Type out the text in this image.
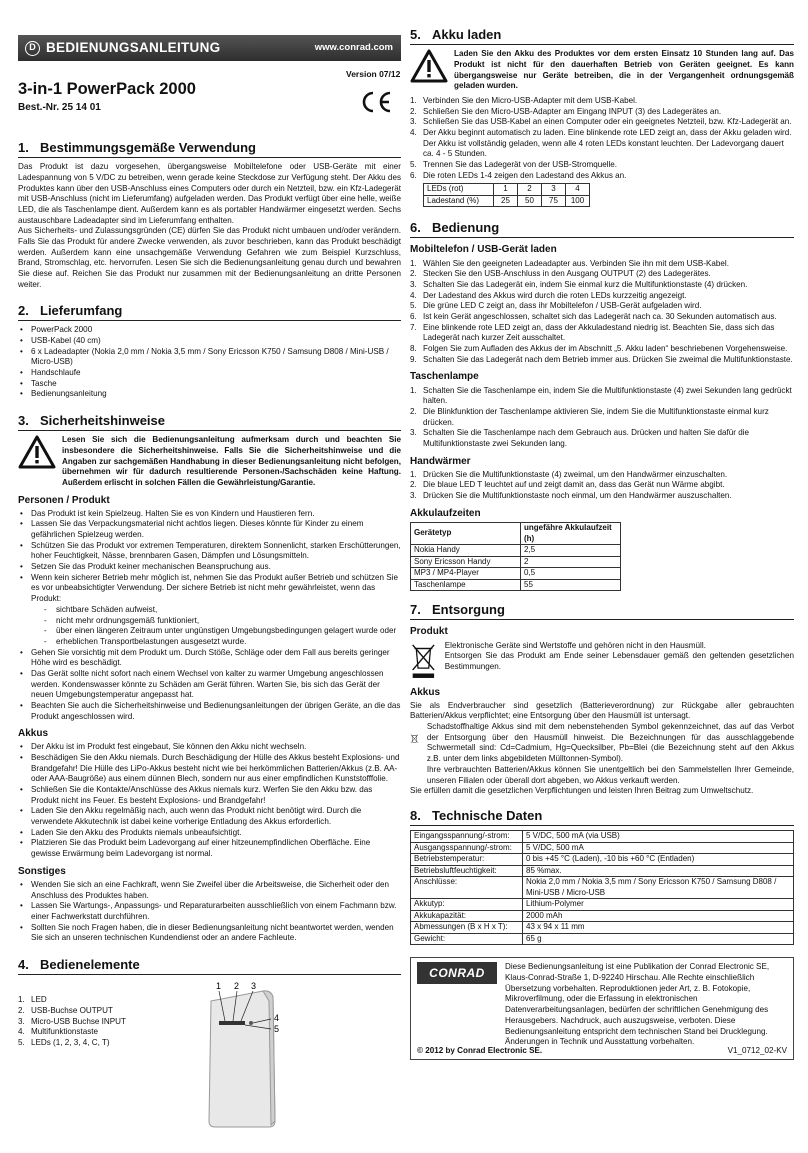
D BEDIENUNGSANLEITUNG	www.conrad.com
Version 07/12
3-in-1 PowerPack 2000
Best.-Nr. 25 14 01
1. Bestimmungsgemäße Verwendung

Das Produkt ist dazu vorgesehen, übergangsweise Mobiltelefone oder USB-Geräte mit einer Ladespannung von 5 V/DC zu betreiben, wenn gerade keine Steckdose zur Verfügung steht. Der Akku des Produktes kann über den USB-Anschluss eines Computers oder durch ein Netzteil, bzw. ein Kfz-Ladegerät mit USB-Anschluss (nicht im Lieferumfang) aufgeladen werden. Das Produkt verfügt über eine helle, weiße LED, die als Taschenlampe dient. Außerdem kann es als portabler Handwärmer eingesetzt werden. Sechs austauschbare Ladeadapter sind im Lieferumfang enthalten.

Aus Sicherheits- und Zulassungsgründen (CE) dürfen Sie das Produkt nicht umbauen und/oder verändern. Falls Sie das Produkt für andere Zwecke verwenden, als zuvor beschrieben, kann das Produkt beschädigt werden. Außerdem kann eine unsachgemäße Verwendung Gefahren wie zum Beispiel Kurzschluss, Brand, Stromschlag, etc. hervorrufen. Lesen Sie sich die Bedienungsanleitung genau durch und bewahren Sie diese auf. Reichen Sie das Produkt nur zusammen mit der Bedienungsanleitung an dritte Personen weiter.

2. Lieferumfang
• PowerPack 2000
• USB-Kabel (40 cm)
• 6 x Ladeadapter (Nokia 2,0 mm / Nokia 3,5 mm / Sony Ericsson K750 / Samsung D808 / Mini-USB / Micro-USB)
• Handschlaufe
• Tasche
• Bedienungsanleitung
3. Sicherheitshinweise

Lesen Sie sich die Bedienungsanleitung aufmerksam durch und beachten Sie insbesondere die Sicherheitshinweise. Falls Sie die Sicherheitshinweise und die Angaben zur sachgemäßen Handhabung in dieser Bedienungsanleitung nicht befolgen, übernehmen wir für dadurch resultierende Personen-/Sachschäden keine Haftung. Außerdem erlischt in solchen Fällen die Gewährleistung/Garantie.

Personen / Produkt
• Das Produkt ist kein Spielzeug. Halten Sie es von Kindern und Haustieren fern.
• Lassen Sie das Verpackungsmaterial nicht achtlos liegen. Dieses könnte für Kinder zu einem gefährlichen Spielzeug werden.
• Schützen Sie das Produkt vor extremen Temperaturen, direktem Sonnenlicht, starken Erschütterungen, hoher Feuchtigkeit, Nässe, brennbaren Gasen, Dämpfen und Lösungsmitteln.
• Setzen Sie das Produkt keiner mechanischen Beanspruchung aus.
• Wenn kein sicherer Betrieb mehr möglich ist, nehmen Sie das Produkt außer Betrieb und schützen Sie es vor unbeabsichtigter Verwendung. Der sichere Betrieb ist nicht mehr gewährleistet, wenn das Produkt:
- sichtbare Schäden aufweist,
- nicht mehr ordnungsgemäß funktioniert,
- über einen längeren Zeitraum unter ungünstigen Umgebungsbedingungen gelagert wurde oder
- erheblichen Transportbelastungen ausgesetzt wurde.
• Gehen Sie vorsichtig mit dem Produkt um. Durch Stöße, Schläge oder dem Fall aus bereits geringer Höhe wird es beschädigt.
• Das Gerät sollte nicht sofort nach einem Wechsel von kalter zu warmer Umgebung angeschlossen werden. Kondenswasser könnte zu Schäden am Gerät führen. Warten Sie, bis sich das Gerät der neuen Umgebungstemperatur angepasst hat.
• Beachten Sie auch die Sicherheitshinweise und Bedienungsanleitungen der übrigen Geräte, an die das Produkt angeschlossen wird.
Akkus
• Der Akku ist im Produkt fest eingebaut, Sie können den Akku nicht wechseln.
• Beschädigen Sie den Akku niemals. Durch Beschädigung der Hülle des Akkus besteht Explosions- und Brandgefahr! Die Hülle des LiPo-Akkus besteht nicht wie bei herkömmlichen Batterien/Akkus (z.B. AA- oder AAA-Baugröße) aus einem dünnen Blech, sondern nur aus einer empfindlichen Kunststofffolie.
• Schließen Sie die Kontakte/Anschlüsse des Akkus niemals kurz. Werfen Sie den Akku bzw. das Produkt nicht ins Feuer. Es besteht Explosions- und Brandgefahr!
• Laden Sie den Akku regelmäßig nach, auch wenn das Produkt nicht benötigt wird. Durch die verwendete Akkutechnik ist dabei keine vorherige Entladung des Akkus erforderlich.
• Laden Sie den Akku des Produkts niemals unbeaufsichtigt.
• Platzieren Sie das Produkt beim Ladevorgang auf einer hitzeunempfindlichen Oberfläche. Eine gewisse Erwärmung beim Ladevorgang ist normal.
Sonstiges
• Wenden Sie sich an eine Fachkraft, wenn Sie Zweifel über die Arbeitsweise, die Sicherheit oder den Anschluss des Produktes haben.
• Lassen Sie Wartungs-, Anpassungs- und Reparaturarbeiten ausschließlich von einem Fachmann bzw. einer Fachwerkstatt durchführen.
• Sollten Sie noch Fragen haben, die in dieser Bedienungsanleitung nicht beantwortet werden, wenden Sie sich an unseren technischen Kundendienst oder an andere Fachleute.
4. Bedienelemente
1. LED
2. USB-Buchse OUTPUT
3. Micro-USB Buchse INPUT
4. Multifunktionstaste
5. LEDs (1, 2, 3, 4, C, T)
1 2 3
4
5
5. Akku laden

Laden Sie den Akku des Produktes vor dem ersten Einsatz 10 Stunden lang auf. Das Produkt ist nicht für den dauerhaften Betrieb von Geräten geeignet. Es kann übergangsweise nur Geräte betreiben, die in der Vergangenheit ordnungsgemäß geladen wurden.

1. Verbinden Sie den Micro-USB-Adapter mit dem USB-Kabel.
2. Schließen Sie den Micro-USB-Adapter am Eingang INPUT (3) des Ladegerätes an.
3. Schließen Sie das USB-Kabel an einen Computer oder ein geeignetes Netzteil, bzw. Kfz-Ladegerät an.
4. Der Akku beginnt automatisch zu laden. Eine blinkende rote LED zeigt an, dass der Akku geladen wird. Der Akku ist vollständig geladen, wenn alle 4 roten LEDs konstant leuchten. Der Ladevorgang dauert ca. 4 - 5 Stunden.
5. Trennen Sie das Ladegerät von der USB-Stromquelle.
6. Die roten LEDs 1-4 zeigen den Ladestand des Akkus an.
LEDs (rot)	1	2	3	4
Ladestand (%)	25	50	75	100
6. Bedienung
Mobiltelefon / USB-Gerät laden
1. Wählen Sie den geeigneten Ladeadapter aus. Verbinden Sie ihn mit dem USB-Kabel.
2. Stecken Sie den USB-Anschluss in den Ausgang OUTPUT (2) des Ladegerätes.
3. Schalten Sie das Ladegerät ein, indem Sie einmal kurz die Multifunktionstaste (4) drücken.
4. Der Ladestand des Akkus wird durch die roten LEDs kurzzeitig angezeigt.
5. Die grüne LED C zeigt an, dass ihr Mobiltelefon / USB-Gerät aufgeladen wird.
6. Ist kein Gerät angeschlossen, schaltet sich das Ladegerät nach ca. 30 Sekunden automatisch aus.
7. Eine blinkende rote LED zeigt an, dass der Akkuladestand niedrig ist. Beachten Sie, dass sich das Ladegerät nach kurzer Zeit ausschaltet.
8. Folgen Sie zum Aufladen des Akkus der im Abschnitt „5. Akku laden“ beschriebenen Vorgehensweise.
9. Schalten Sie das Ladegerät nach dem Betrieb immer aus. Drücken Sie zweimal die Multifunktionstaste.
Taschenlampe
1. Schalten Sie die Taschenlampe ein, indem Sie die Multifunktionstaste (4) zwei Sekunden lang gedrückt halten.
2. Die Blinkfunktion der Taschenlampe aktivieren Sie, indem Sie die Multifunktionstaste einmal kurz drücken.
3. Schalten Sie die Taschenlampe nach dem Gebrauch aus. Drücken und halten Sie dafür die Multifunktionstaste zwei Sekunden lang.
Handwärmer
1. Drücken Sie die Multifunktionstaste (4) zweimal, um den Handwärmer einzuschalten.
2. Die blaue LED T leuchtet auf und zeigt damit an, dass das Gerät nun Wärme abgibt.
3. Drücken Sie die Multifunktionstaste noch einmal, um den Handwärmer auszuschalten.
Akkulaufzeiten
Gerätetyp	ungefähre Akkulaufzeit (h)
Nokia Handy	2,5
Sony Ericsson Handy	2
MP3 / MP4-Player	0,5
Taschenlampe	55
7. Entsorgung
Produkt

Elektronische Geräte sind Wertstoffe und gehören nicht in den Hausmüll.

Entsorgen Sie das Produkt am Ende seiner Lebensdauer gemäß den geltenden gesetzlichen Bestimmungen.

Akkus

Sie als Endverbraucher sind gesetzlich (Batterieverordnung) zur Rückgabe aller gebrauchten Batterien/Akkus verpflichtet; eine Entsorgung über den Hausmüll ist untersagt.

Schadstoffhaltige Akkus sind mit dem nebenstehenden Symbol gekennzeichnet, das auf das Verbot der Entsorgung über den Hausmüll hinweist. Die Bezeichnungen für das ausschlaggebende Schwermetall sind: Cd=Cadmium, Hg=Quecksilber, Pb=Blei (die Bezeichnung steht auf den Akkus z.B. unter dem links abgebildeten Mülltonnen-Symbol).

Ihre verbrauchten Batterien/Akkus können Sie unentgeltlich bei den Sammelstellen Ihrer Gemeinde, unseren Filialen oder überall dort abgeben, wo Akkus verkauft werden.

Sie erfüllen damit die gesetzlichen Verpflichtungen und leisten Ihren Beitrag zum Umweltschutz.

8. Technische Daten
Eingangsspannung/-strom:	5 V/DC, 500 mA (via USB)
Ausgangsspannung/-strom:	5 V/DC, 500 mA
Betriebstemperatur:	0 bis +45 °C (Laden), -10 bis +60 °C (Entladen)
Betriebsluftfeuchtigkeit:	85 %max.
Anschlüsse:	Nokia 2,0 mm / Nokia 3,5 mm / Sony Ericsson K750 / Samsung D808 / Mini-USB / Micro-USB
Akkutyp:	Lithium-Polymer
Akkukapazität:	2000 mAh
Abmessungen (B x H x T):	43 x 94 x 11 mm
Gewicht:	65 g
CONRAD	Diese Bedienungsanleitung ist eine Publikation der Conrad Electronic SE, Klaus-Conrad-Straße 1, D-92240 Hirschau. Alle Rechte einschließlich Übersetzung vorbehalten. Reproduktionen jeder Art, z. B. Fotokopie, Mikroverfilmung, oder die Erfassung in elektronischen Datenverarbeitungsanlagen, bedürfen der schriftlichen Genehmigung des Herausgebers. Nachdruck, auch auszugsweise, verboten. Diese Bedienungsanleitung entspricht dem technischen Stand bei Drucklegung. Änderungen in Technik und Ausstattung vorbehalten.

© 2012 by Conrad Electronic SE.	V1_0712_02-KV
